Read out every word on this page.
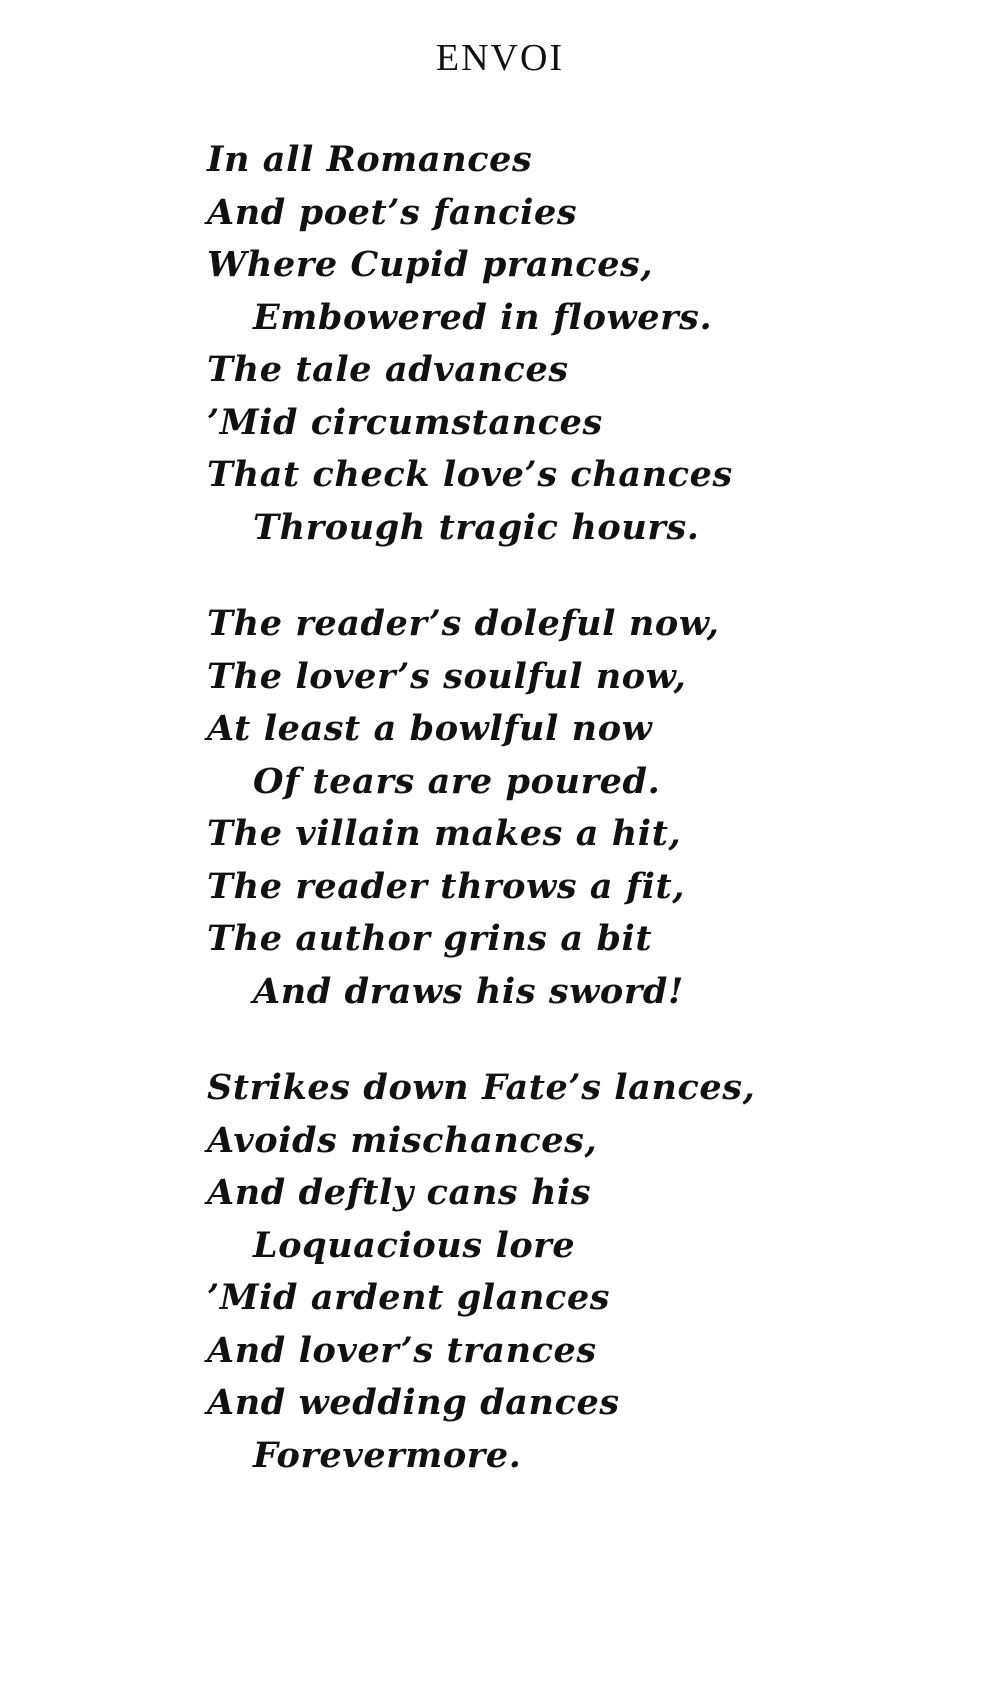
ENVOI
In all Romances
And poet’s fancies
Where Cupid prances,
Embowered in flowers.
The tale advances
’Mid circumstances
That check love’s chances
Through tragic hours.
The reader’s doleful now,
The lover’s soulful now,
At least a bowlful now
Of tears are poured.
The villain makes a hit,
The reader throws a fit,
The author grins a bit
And draws his sword!
Strikes down Fate’s lances,
Avoids mischances,
And deftly cans his
Loquacious lore
’Mid ardent glances
And lover’s trances
And wedding dances
Forevermore.
